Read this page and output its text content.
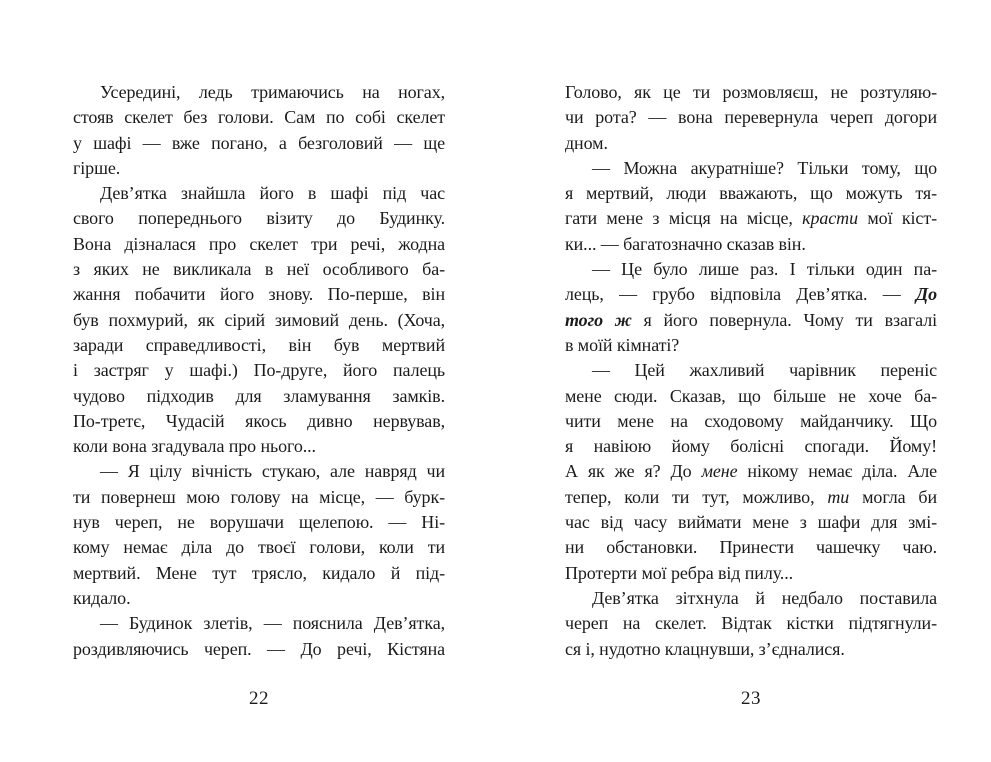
Усередині, ледь тримаючись на ногах,
стояв скелет без голови. Сам по собі скелет
у шафі — вже погано, а безголовий — ще
гірше.
Дев’ятка знайшла його в шафі під час
свого попереднього візиту до Будинку.
Вона дізналася про скелет три речі, жодна
з яких не викликала в неї особливого ба-
жання побачити його знову. По-перше, він
був похмурий, як сірий зимовий день. (Хоча,
заради справедливості, він був мертвий
і застряг у шафі.) По-друге, його палець
чудово підходив для зламування замків.
По-третє, Чудасій якось дивно нервував,
коли вона згадувала про нього...
— Я цілу вічність стукаю, але навряд чи
ти повернеш мою голову на місце, — бурк-
нув череп, не ворушачи щелепою. — Ні-
кому немає діла до твоєї голови, коли ти
мертвий. Мене тут трясло, кидало й під-
кидало.
— Будинок злетів, — пояснила Дев’ятка,
роздивляючись череп. — До речі, Кістяна
22
Голово, як це ти розмовляєш, не розтуляю-
чи рота? — вона перевернула череп догори
дном.
— Можна акуратніше? Тільки тому, що
я мертвий, люди вважають, що можуть тя-
гати мене з місця на місце, красти мої кіст-
ки... — багатозначно сказав він.
— Це було лише раз. І тільки один па-
лець, — грубо відповіла Дев’ятка. — До
того ж я його повернула. Чому ти взагалі
в моїй кімнаті?
— Цей жахливий чарівник переніс
мене сюди. Сказав, що більше не хоче ба-
чити мене на сходовому майданчику. Що
я навіюю йому болісні спогади. Йому!
А як же я? До мене нікому немає діла. Але
тепер, коли ти тут, можливо, ти могла би
час від часу виймати мене з шафи для змі-
ни обстановки. Принести чашечку чаю.
Протерти мої ребра від пилу...
Дев’ятка зітхнула й недбало поставила
череп на скелет. Відтак кістки підтягнули-
ся і, нудотно клацнувши, з’єдналися.
23
